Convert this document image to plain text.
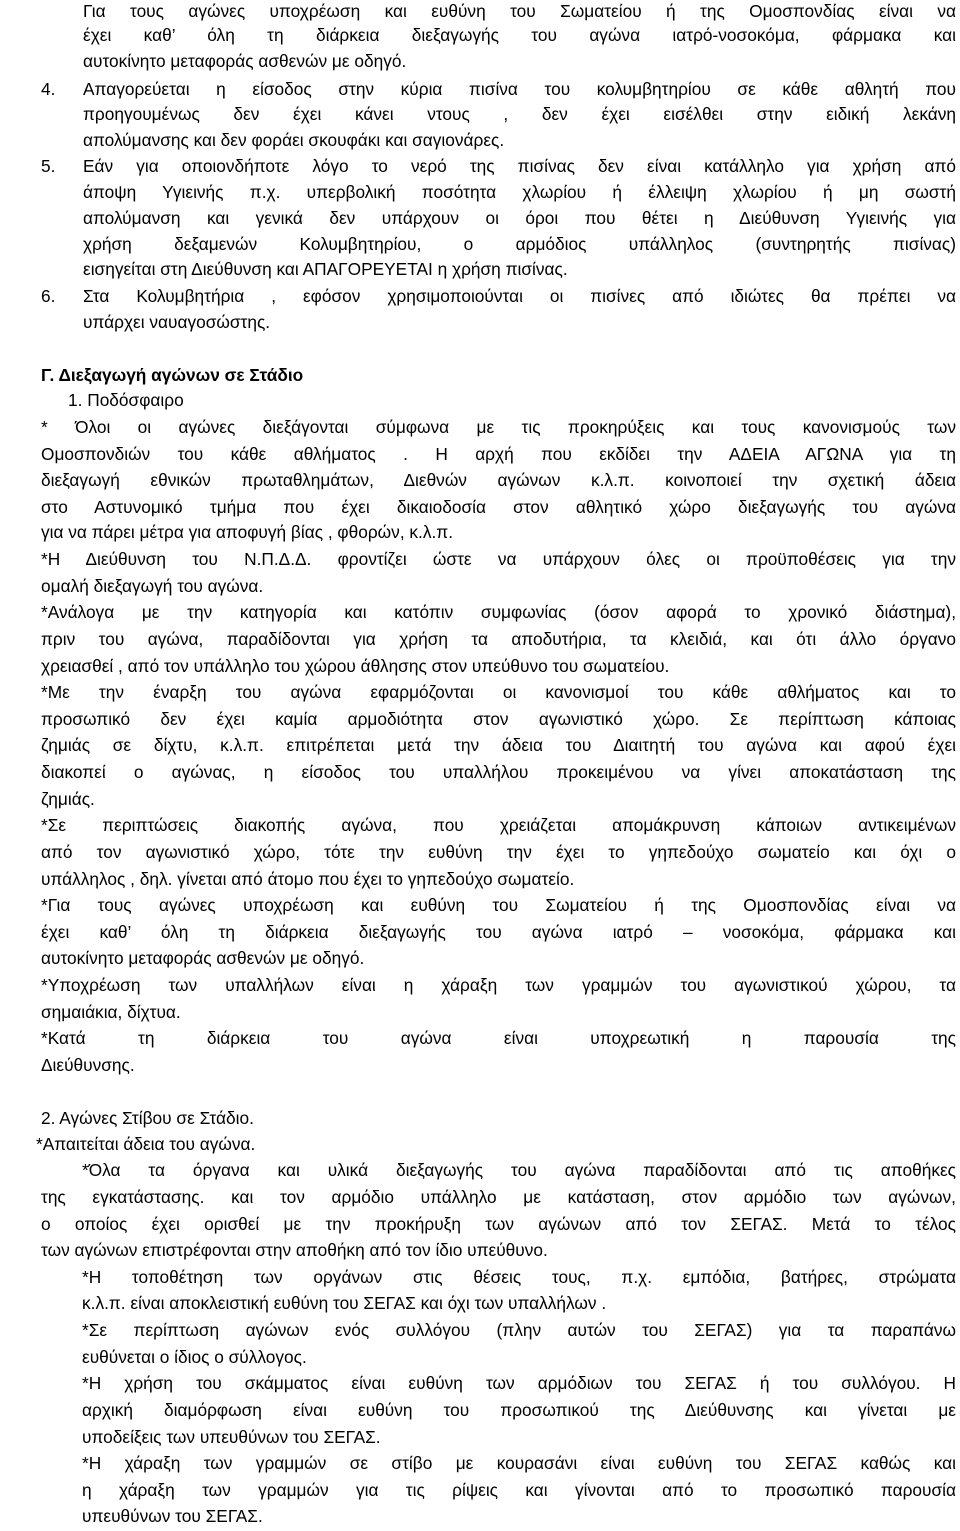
Για τους αγώνες υποχρέωση και ευθύνη του Σωματείου ή της Ομοσπονδίας είναι να
έχει καθ’ όλη τη διάρκεια διεξαγωγής του αγώνα ιατρό-νοσοκόμα, φάρμακα και
αυτοκίνητο μεταφοράς ασθενών με οδηγό.
4. Απαγορεύεται η είσοδος στην κύρια πισίνα του κολυμβητηρίου σε κάθε αθλητή που
προηγουμένως δεν έχει κάνει ντους , δεν έχει εισέλθει στην ειδική λεκάνη
απολύμανσης και δεν φοράει σκουφάκι και σαγιονάρες.
5. Εάν για οποιονδήποτε λόγο το νερό της πισίνας δεν είναι κατάλληλο για χρήση από
άποψη Υγιεινής π.χ. υπερβολική ποσότητα χλωρίου ή έλλειψη χλωρίου ή μη σωστή
απολύμανση και γενικά δεν υπάρχουν οι όροι που θέτει η Διεύθυνση Υγιεινής για
χρήση δεξαμενών Κολυμβητηρίου, ο αρμόδιος υπάλληλος (συντηρητής πισίνας)
εισηγείται στη Διεύθυνση και ΑΠΑΓΟΡΕΥΕΤΑΙ η χρήση πισίνας.
6. Στα Κολυμβητήρια , εφόσον χρησιμοποιούνται οι πισίνες από ιδιώτες θα πρέπει να
υπάρχει ναυαγοσώστης.
Γ. Διεξαγωγή αγώνων σε Στάδιο
1. Ποδόσφαιρο
* Όλοι οι αγώνες διεξάγονται σύμφωνα με τις προκηρύξεις και τους κανονισμούς των
Ομοσπονδιών του κάθε αθλήματος . Η αρχή που εκδίδει την ΑΔΕΙΑ ΑΓΩΝΑ για τη
διεξαγωγή εθνικών πρωταθλημάτων, Διεθνών αγώνων κ.λ.π. κοινοποιεί την σχετική άδεια
στο Αστυνομικό τμήμα που έχει δικαιοδοσία στον αθλητικό χώρο διεξαγωγής του αγώνα
για να πάρει μέτρα για αποφυγή βίας , φθορών, κ.λ.π.
*Η Διεύθυνση του Ν.Π.Δ.Δ. φροντίζει ώστε να υπάρχουν όλες οι προϋποθέσεις για την
ομαλή διεξαγωγή του αγώνα.
*Ανάλογα με την κατηγορία και κατόπιν συμφωνίας (όσον αφορά το χρονικό διάστημα),
πριν του αγώνα, παραδίδονται για χρήση τα αποδυτήρια, τα κλειδιά, και ότι άλλο όργανο
χρειασθεί , από τον υπάλληλο του χώρου άθλησης στον υπεύθυνο του σωματείου.
*Με την έναρξη του αγώνα εφαρμόζονται οι κανονισμοί του κάθε αθλήματος και το
προσωπικό δεν έχει καμία αρμοδιότητα στον αγωνιστικό χώρο. Σε περίπτωση κάποιας
ζημιάς σε δίχτυ, κ.λ.π. επιτρέπεται μετά την άδεια του Διαιτητή του αγώνα και αφού έχει
διακοπεί ο αγώνας, η είσοδος του υπαλλήλου προκειμένου να γίνει αποκατάσταση της
ζημιάς.
*Σε περιπτώσεις διακοπής αγώνα, που χρειάζεται απομάκρυνση κάποιων αντικειμένων
από τον αγωνιστικό χώρο, τότε την ευθύνη την έχει το γηπεδούχο σωματείο και όχι ο
υπάλληλος , δηλ. γίνεται από άτομο που έχει το γηπεδούχο σωματείο.
*Για τους αγώνες υποχρέωση και ευθύνη του Σωματείου ή της Ομοσπονδίας είναι να
έχει καθ’ όλη τη διάρκεια διεξαγωγής του αγώνα ιατρό – νοσοκόμα, φάρμακα και
αυτοκίνητο μεταφοράς ασθενών με οδηγό.
*Υποχρέωση των υπαλλήλων είναι η χάραξη των γραμμών του αγωνιστικού χώρου, τα
σημαιάκια, δίχτυα.
*Κατά τη διάρκεια του αγώνα είναι υποχρεωτική η παρουσία της
Διεύθυνσης.
2. Αγώνες Στίβου σε Στάδιο.
*Απαιτείται άδεια του αγώνα.
*Όλα τα όργανα και υλικά διεξαγωγής του αγώνα παραδίδονται από τις αποθήκες
της εγκατάστασης. και τον αρμόδιο υπάλληλο με κατάσταση, στον αρμόδιο των αγώνων,
ο οποίος έχει ορισθεί με την προκήρυξη των αγώνων από τον ΣΕΓΑΣ. Μετά το τέλος
των αγώνων επιστρέφονται στην αποθήκη από τον ίδιο υπεύθυνο.
*Η τοποθέτηση των οργάνων στις θέσεις τους, π.χ. εμπόδια, βατήρες, στρώματα
κ.λ.π. είναι αποκλειστική ευθύνη του ΣΕΓΑΣ και όχι των υπαλλήλων .
*Σε περίπτωση αγώνων ενός συλλόγου (πλην αυτών του ΣΕΓΑΣ) για τα παραπάνω
ευθύνεται ο ίδιος ο σύλλογος.
*Η χρήση του σκάμματος είναι ευθύνη των αρμόδιων του ΣΕΓΑΣ ή του συλλόγου. Η
αρχική διαμόρφωση είναι ευθύνη του προσωπικού της Διεύθυνσης και γίνεται με
υποδείξεις των υπευθύνων του ΣΕΓΑΣ.
*Η χάραξη των γραμμών σε στίβο με κουρασάνι είναι ευθύνη του ΣΕΓΑΣ καθώς και
η χάραξη των γραμμών για τις ρίψεις και γίνονται από το προσωπικό παρουσία
υπευθύνων του ΣΕΓΑΣ.
